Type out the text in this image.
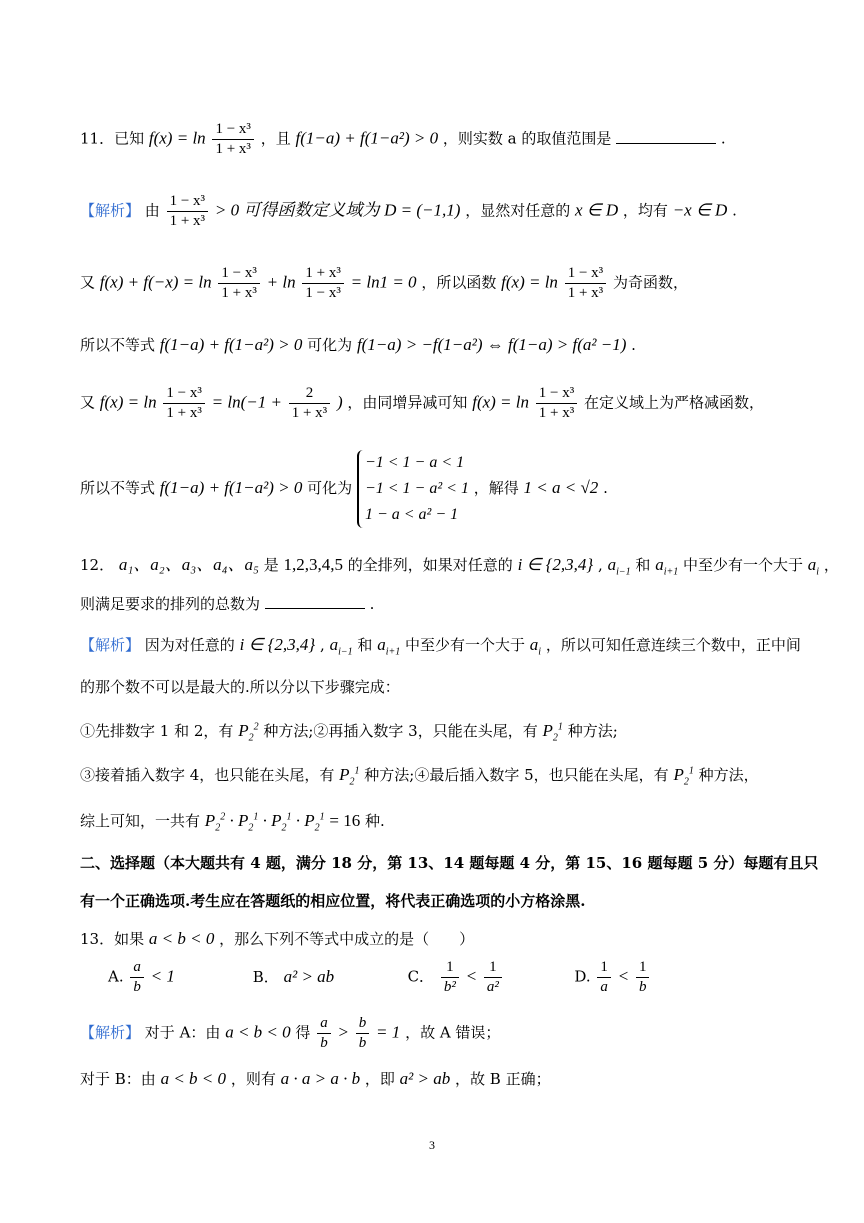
11．已知 $f(x) = \ln \frac{\text{1 − x³}}{\text{1 + x³}}$ ，且 f(1−a) + f(1−a²) > 0 ，则实数 a 的取值范围是	.
【解析】 由 $\frac{\text{1 − x³}}{\text{1 + x³}} > 0$ 可得函数定义域为 D = (−1,1) ，显然对任意的 x ∈ D ，均有 −x ∈ D .
又 $f(x) + f(-x) = \ln \frac{\text{1 − x³}}{\text{1 + x³}} + \ln \frac{\text{1 + x³}}{\text{1 − x³}} = \ln 1 = 0$ ，所以函数 $f(x) = \ln \frac{\text{1 − x³}}{\text{1 + x³}}$ 为奇函数，
所以不等式 f(1−a) + f(1−a²) > 0 可化为 f(1−a) > −f(1−a²) ⇔ f(1−a) > f(a² −1) .
又 $f(x) = \ln \frac{\text{1 − x³}}{\text{1 + x³}} = \ln(-1 + \frac{2}{\text{1 + x³}}$ ) ，由同增异减可知 $f(x) = \ln \frac{\text{1 − x³}}{\text{1 + x³}}$ 在定义域上为严格减函数，
所以不等式 f(1−a) + f(1−a²) > 0 可化为 −1 < 1 − a < 1
−1 < 1 − a² < 1
1 − a < a² − 1 ，解得 1 < a < √2 .
12． a₁、a₂、a₃、a₄、a₅ 是 1,2,3,4,5 的全排列，如果对任意的 i ∈ {2,3,4} , $a_{i-1}$ 和 $a_{i+1}$ 中至少有一个大于 $a_i$ ，
则满足要求的排列的总数为	.
【解析】 因为对任意的 i ∈ {2,3,4} , $a_{i-1}$ 和 $a_{i+1}$ 中至少有一个大于 $a_i$ ，所以可知任意连续三个数中，正中间
的那个数不可以是最大的.所以分以下步骤完成：
①先排数字 1 和 2，有 $P_2^2$ 种方法;②再插入数字 3，只能在头尾，有 $P_2^1$ 种方法;
③接着插入数字 4，也只能在头尾，有 $P_2^1$ 种方法;④最后插入数字 5，也只能在头尾，有 $P_2^1$ 种方法，
综上可知，一共有 $P_2^2 \cdot P_2^1 \cdot P_2^1 \cdot P_2^1 = 16$ 种.
二、选择题（本大题共有 4 题，满分 18 分，第 13、14 题每题 4 分，第 15、16 题每题 5 分）每题有且只
有一个正确选项.考生应在答题纸的相应位置，将代表正确选项的小方格涂黑.
13．如果 a < b < 0 ，那么下列不等式中成立的是（　　）
A. $\frac{a}{b} < 1$	B． a² > ab	C． $\frac{1}{\text{b²}} < \frac{1}{\text{a²}}$	D. $\frac{1}{a} < \frac{1}{b}$
【解析】 对于 A：由 a < b < 0 得 $\frac{a}{b} > \frac{b}{b} = 1$ ，故 A 错误；
对于 B：由 a < b < 0 ，则有 a · a > a · b ，即 a² > ab ，故 B 正确；
3
